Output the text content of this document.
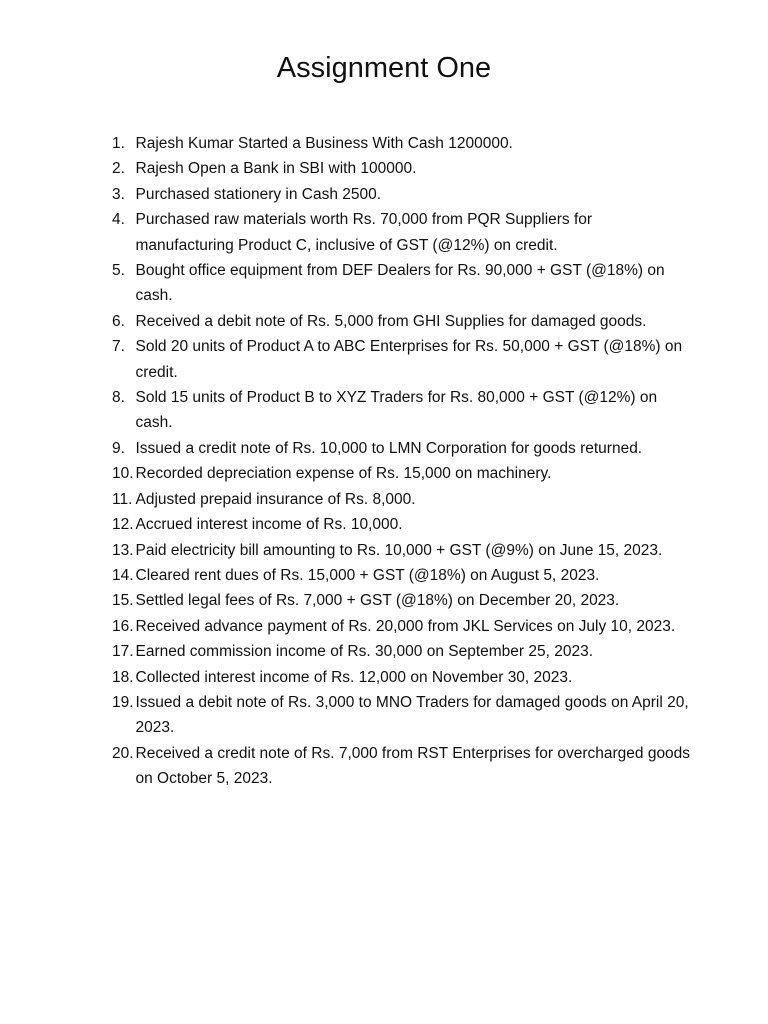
Assignment One
1. Rajesh Kumar Started a Business With Cash 1200000.
2. Rajesh Open a Bank in SBI with 100000.
3. Purchased stationery in Cash 2500.
4. Purchased raw materials worth Rs. 70,000 from PQR Suppliers for manufacturing Product C, inclusive of GST (@12%) on credit.
5. Bought office equipment from DEF Dealers for Rs. 90,000 + GST (@18%) on cash.
6. Received a debit note of Rs. 5,000 from GHI Supplies for damaged goods.
7. Sold 20 units of Product A to ABC Enterprises for Rs. 50,000 + GST (@18%) on credit.
8. Sold 15 units of Product B to XYZ Traders for Rs. 80,000 + GST (@12%) on cash.
9. Issued a credit note of Rs. 10,000 to LMN Corporation for goods returned.
10. Recorded depreciation expense of Rs. 15,000 on machinery.
11. Adjusted prepaid insurance of Rs. 8,000.
12. Accrued interest income of Rs. 10,000.
13. Paid electricity bill amounting to Rs. 10,000 + GST (@9%) on June 15, 2023.
14. Cleared rent dues of Rs. 15,000 + GST (@18%) on August 5, 2023.
15. Settled legal fees of Rs. 7,000 + GST (@18%) on December 20, 2023.
16. Received advance payment of Rs. 20,000 from JKL Services on July 10, 2023.
17. Earned commission income of Rs. 30,000 on September 25, 2023.
18. Collected interest income of Rs. 12,000 on November 30, 2023.
19. Issued a debit note of Rs. 3,000 to MNO Traders for damaged goods on April 20, 2023.
20. Received a credit note of Rs. 7,000 from RST Enterprises for overcharged goods on October 5, 2023.
